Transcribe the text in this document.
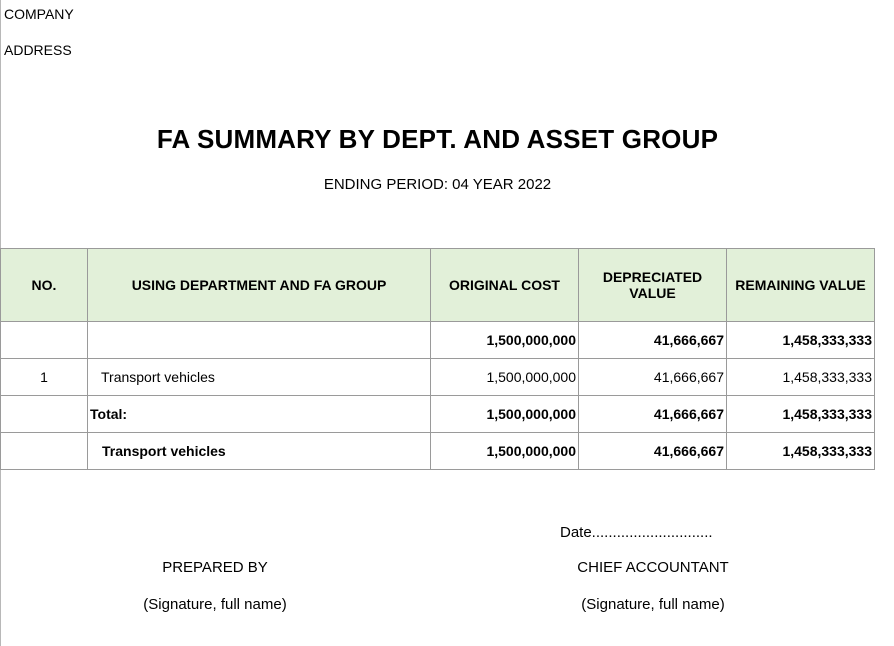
COMPANY
ADDRESS
FA SUMMARY BY DEPT. AND ASSET GROUP
ENDING PERIOD: 04 YEAR 2022
NO.	USING DEPARTMENT AND FA GROUP	ORIGINAL COST	DEPRECIATED VALUE	REMAINING VALUE
		1,500,000,000	41,666,667	1,458,333,333
1	Transport vehicles	1,500,000,000	41,666,667	1,458,333,333
	Total:	1,500,000,000	41,666,667	1,458,333,333
	Transport vehicles	1,500,000,000	41,666,667	1,458,333,333
Date.............................
PREPARED BY
(Signature, full name)
CHIEF ACCOUNTANT
(Signature, full name)
